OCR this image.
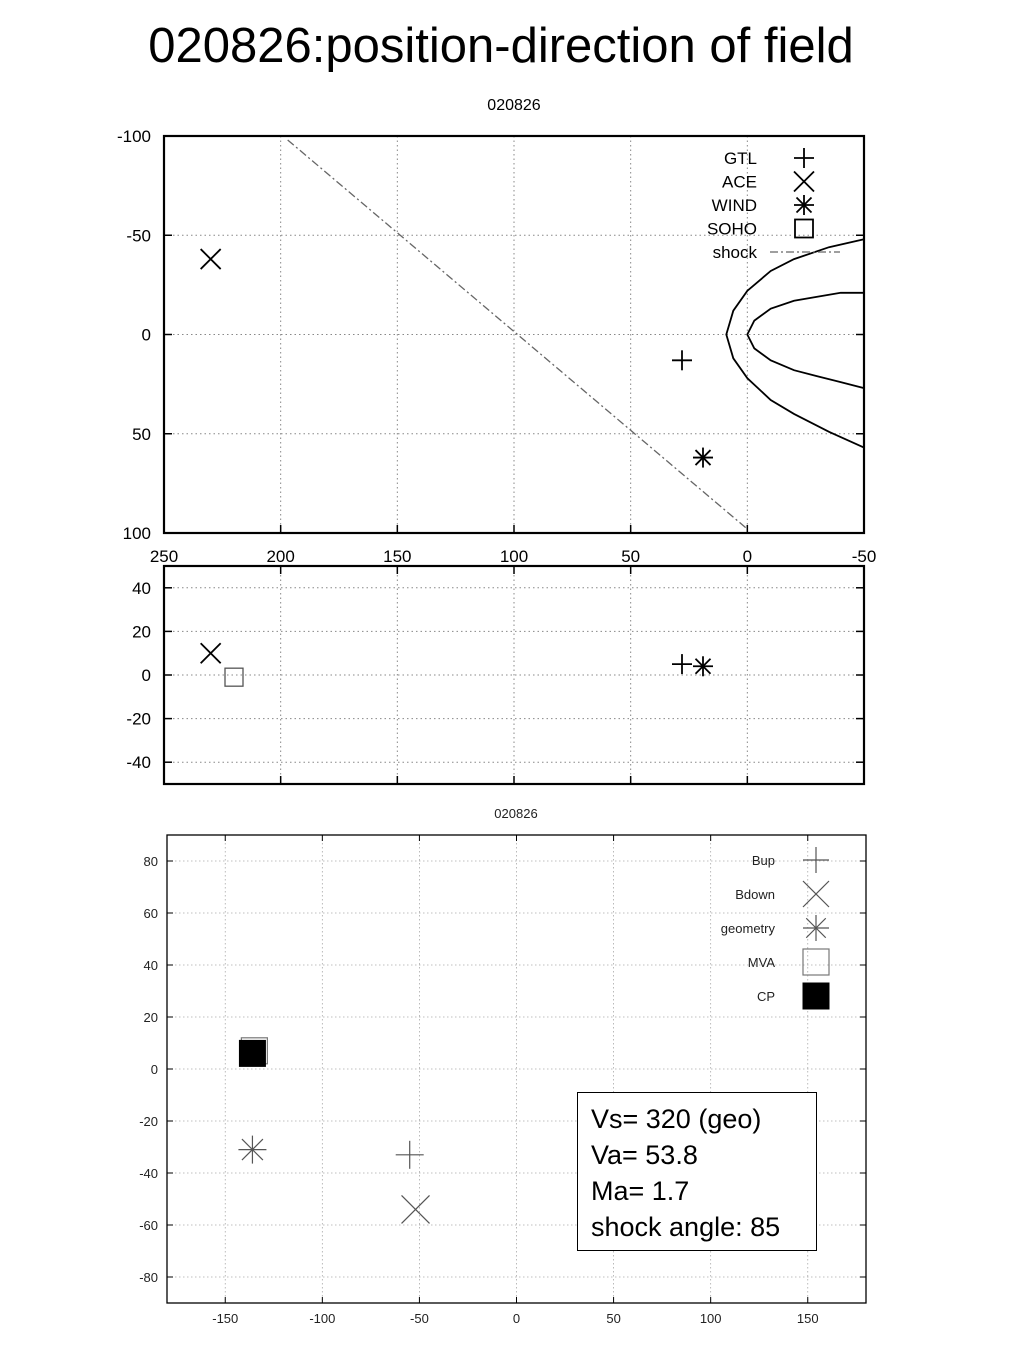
020826:position-direction of field
020826
-100
-50
0
50
100
250	200	150	100	50	0	-50
GTL
ACE
WIND
SOHO
shock
40
20
0
-20
-40
020826
80
60
40
20
0
-20
-40
-60
-80
-150	-100	-50	0	50	100	150
Bup
Bdown
geometry
MVA
CP
Vs= 320 (geo)
Va= 53.8
Ma= 1.7
shock angle: 85
